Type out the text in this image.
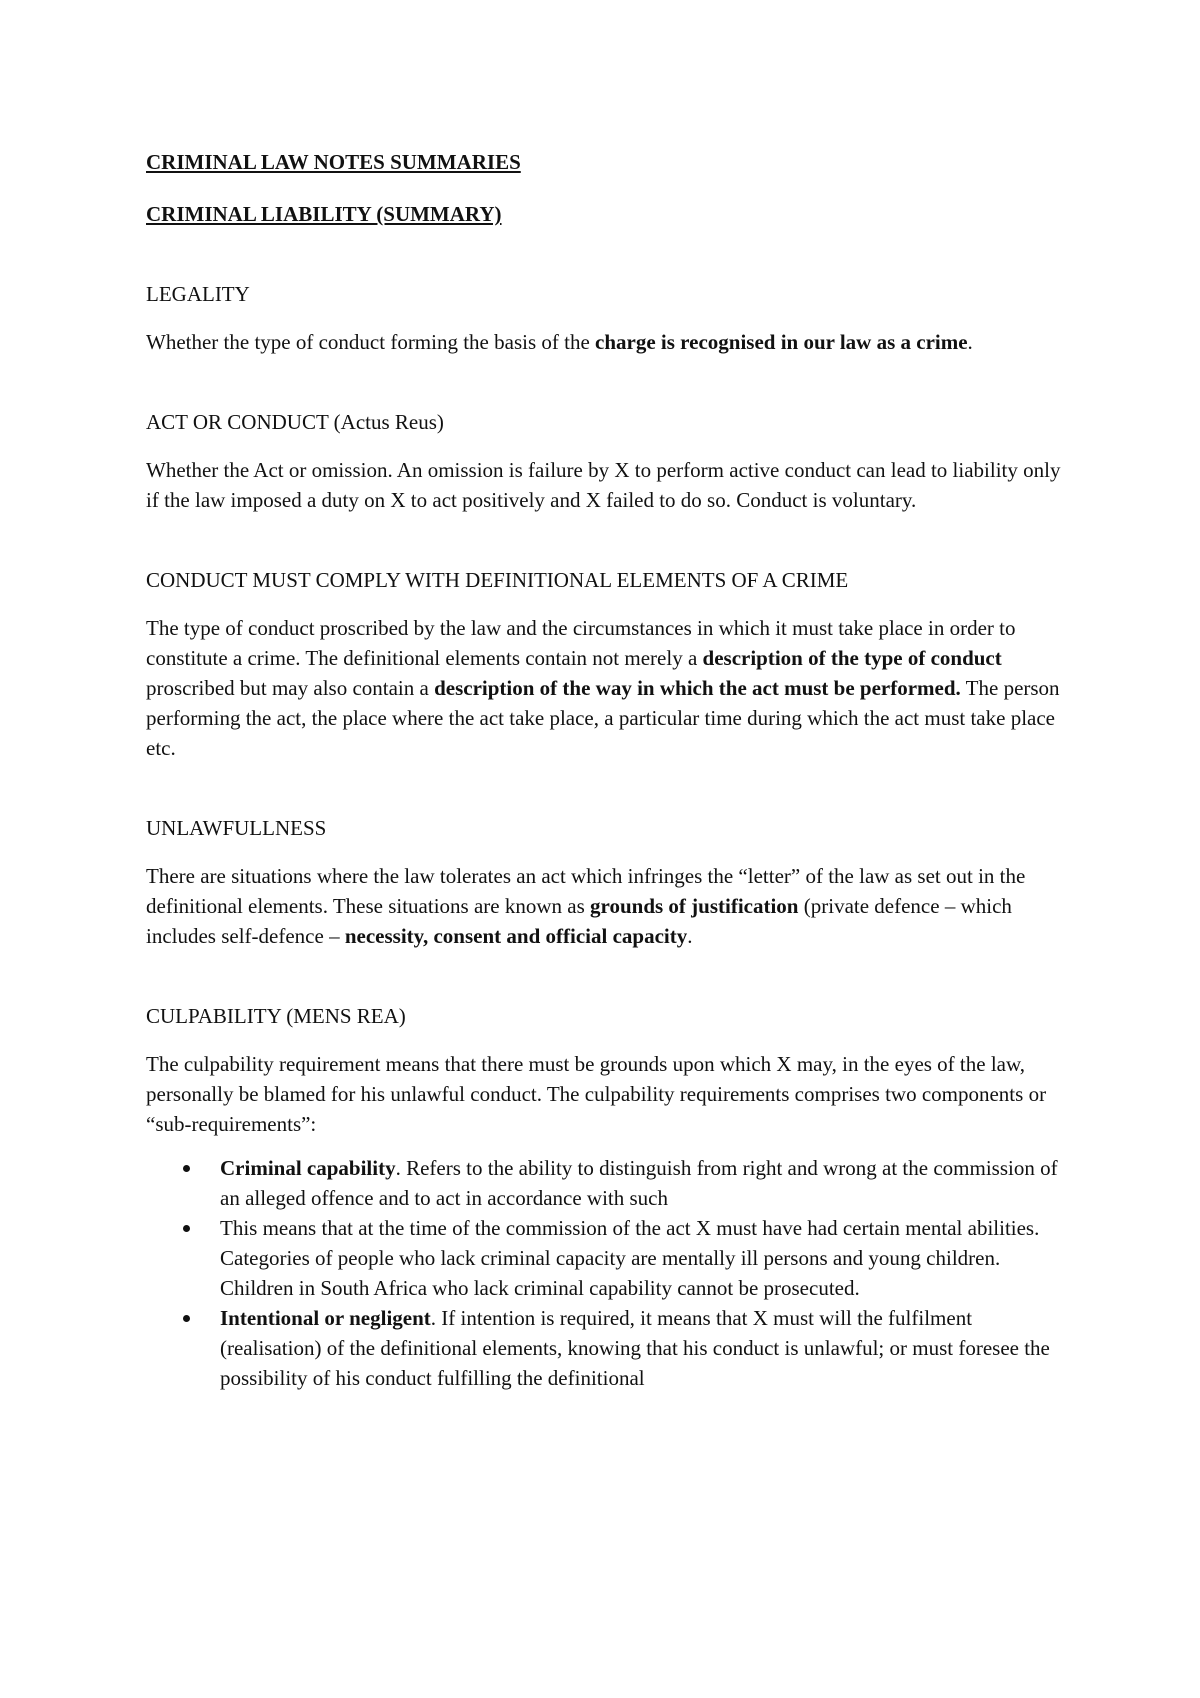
CRIMINAL LAW NOTES SUMMARIES

CRIMINAL LIABILITY (SUMMARY)

LEGALITY

Whether the type of conduct forming the basis of the charge is recognised in our law as a crime.

ACT OR CONDUCT (Actus Reus)

Whether the Act or omission. An omission is failure by X to perform active conduct can lead to liability only if the law imposed a duty on X to act positively and X failed to do so. Conduct is voluntary.

CONDUCT MUST COMPLY WITH DEFINITIONAL ELEMENTS OF A CRIME

The type of conduct proscribed by the law and the circumstances in which it must take place in order to constitute a crime. The definitional elements contain not merely a description of the type of conduct proscribed but may also contain a description of the way in which the act must be performed. The person performing the act, the place where the act take place, a particular time during which the act must take place etc.

UNLAWFULLNESS

There are situations where the law tolerates an act which infringes the “letter” of the law as set out in the definitional elements. These situations are known as grounds of justification (private defence – which includes self-defence – necessity, consent and official capacity.

CULPABILITY (MENS REA)

The culpability requirement means that there must be grounds upon which X may, in the eyes of the law, personally be blamed for his unlawful conduct. The culpability requirements comprises two components or “sub-requirements”:

Criminal capability. Refers to the ability to distinguish from right and wrong at the commission of an alleged offence and to act in accordance with such
This means that at the time of the commission of the act X must have had certain mental abilities. Categories of people who lack criminal capacity are mentally ill persons and young children. Children in South Africa who lack criminal capability cannot be prosecuted.
Intentional or negligent. If intention is required, it means that X must will the fulfilment (realisation) of the definitional elements, knowing that his conduct is unlawful; or must foresee the possibility of his conduct fulfilling the definitional
